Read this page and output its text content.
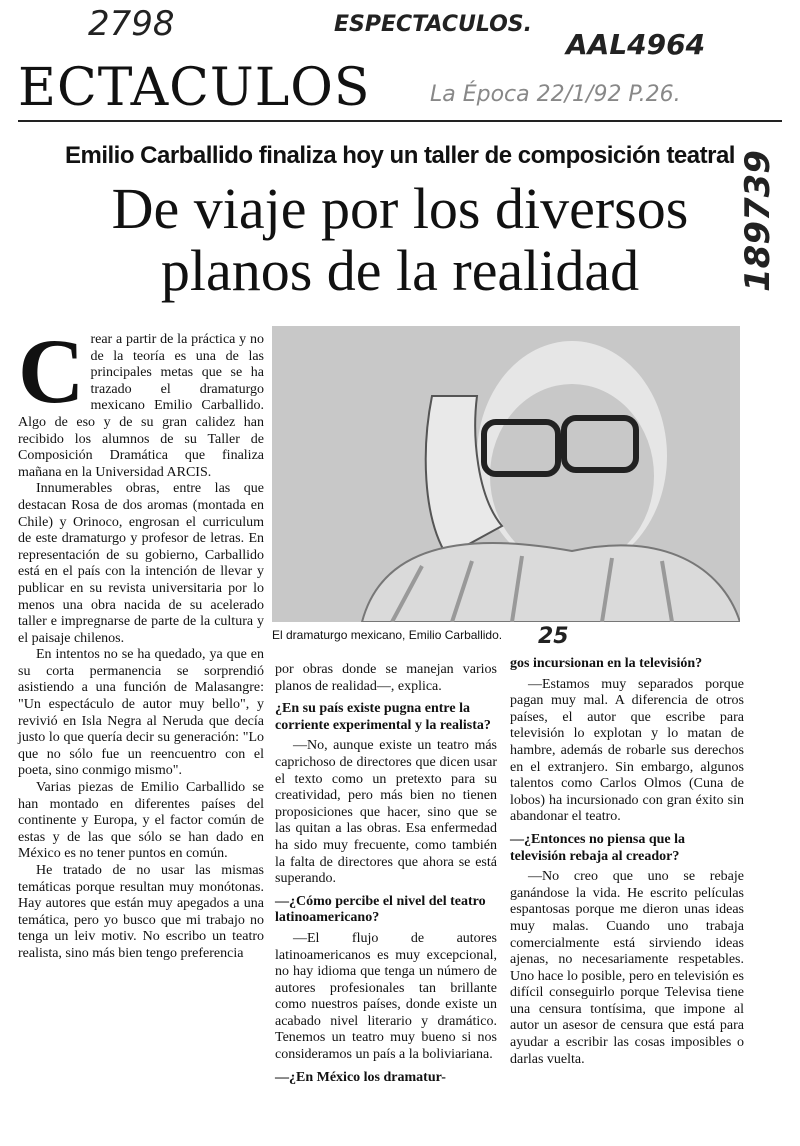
2798	ESPECTACULOS.
AAL4964
La Época 22/1/92 P.26.
189739
25
ECTACULOS
Emilio Carballido finaliza hoy un taller de composición teatral
De viaje por los diversos
planos de la realidad
El dramaturgo mexicano, Emilio Carballido.

Crear a partir de la práctica y no de la teoría es una de las principales metas que se ha trazado el dramaturgo mexicano Emilio Carballido. Algo de eso y de su gran calidez han recibido los alumnos de su Taller de Composición Dramática que finaliza mañana en la Universidad ARCIS.

Innumerables obras, entre las que destacan Rosa de dos aromas (montada en Chile) y Orinoco, engrosan el curriculum de este dramaturgo y profesor de letras. En representación de su gobierno, Carballido está en el país con la intención de llevar y publicar en su revista universitaria por lo menos una obra nacida de su acelerado taller e impregnarse de parte de la cultura y el paisaje chilenos.

En intentos no se ha quedado, ya que en su corta permanencia se sorprendió asistiendo a una función de Malasangre: "Un espectáculo de autor muy bello", y revivió en Isla Negra al Neruda que decía justo lo que quería decir su generación: "Lo que no sólo fue un reencuentro con el poeta, sino conmigo mismo".

Varias piezas de Emilio Carballido se han montado en diferentes países del continente y Europa, y el factor común de estas y de las que sólo se han dado en México es no tener puntos en común.

He tratado de no usar las mismas temáticas porque resultan muy monótonas. Hay autores que están muy apegados a una temática, pero yo busco que mi trabajo no tenga un leiv motiv. No escribo un teatro realista, sino más bien tengo preferencia

por obras donde se manejan varios planos de realidad—, explica.

¿En su país existe pugna entre la corriente experimental y la realista?

—No, aunque existe un teatro más caprichoso de directores que dicen usar el texto como un pretexto para su creatividad, pero más bien no tienen proposiciones que hacer, sino que se las quitan a las obras. Esa enfermedad ha sido muy frecuente, como también la falta de directores que ahora se está superando.

—¿Cómo percibe el nivel del teatro latinoamericano?

—El flujo de autores latinoamericanos es muy excepcional, no hay idioma que tenga un número de autores profesionales tan brillante como nuestros países, donde existe un acabado nivel literario y dramático. Tenemos un teatro muy bueno si nos consideramos un país a la boliviariana.

—¿En México los dramatur-

gos incursionan en la televisión?

—Estamos muy separados porque pagan muy mal. A diferencia de otros países, el autor que escribe para televisión lo explotan y lo matan de hambre, además de robarle sus derechos en el extranjero. Sin embargo, algunos talentos como Carlos Olmos (Cuna de lobos) ha incursionado con gran éxito sin abandonar el teatro.

—¿Entonces no piensa que la televisión rebaja al creador?

—No creo que uno se rebaje ganándose la vida. He escrito películas espantosas porque me dieron unas ideas muy malas. Cuando uno trabaja comercialmente está sirviendo ideas ajenas, no necesariamente respetables. Uno hace lo posible, pero en televisión es difícil conseguirlo porque Televisa tiene una censura tontísima, que impone al autor un asesor de censura que está para ayudar a escribir las cosas imposibles o darlas vuelta.
